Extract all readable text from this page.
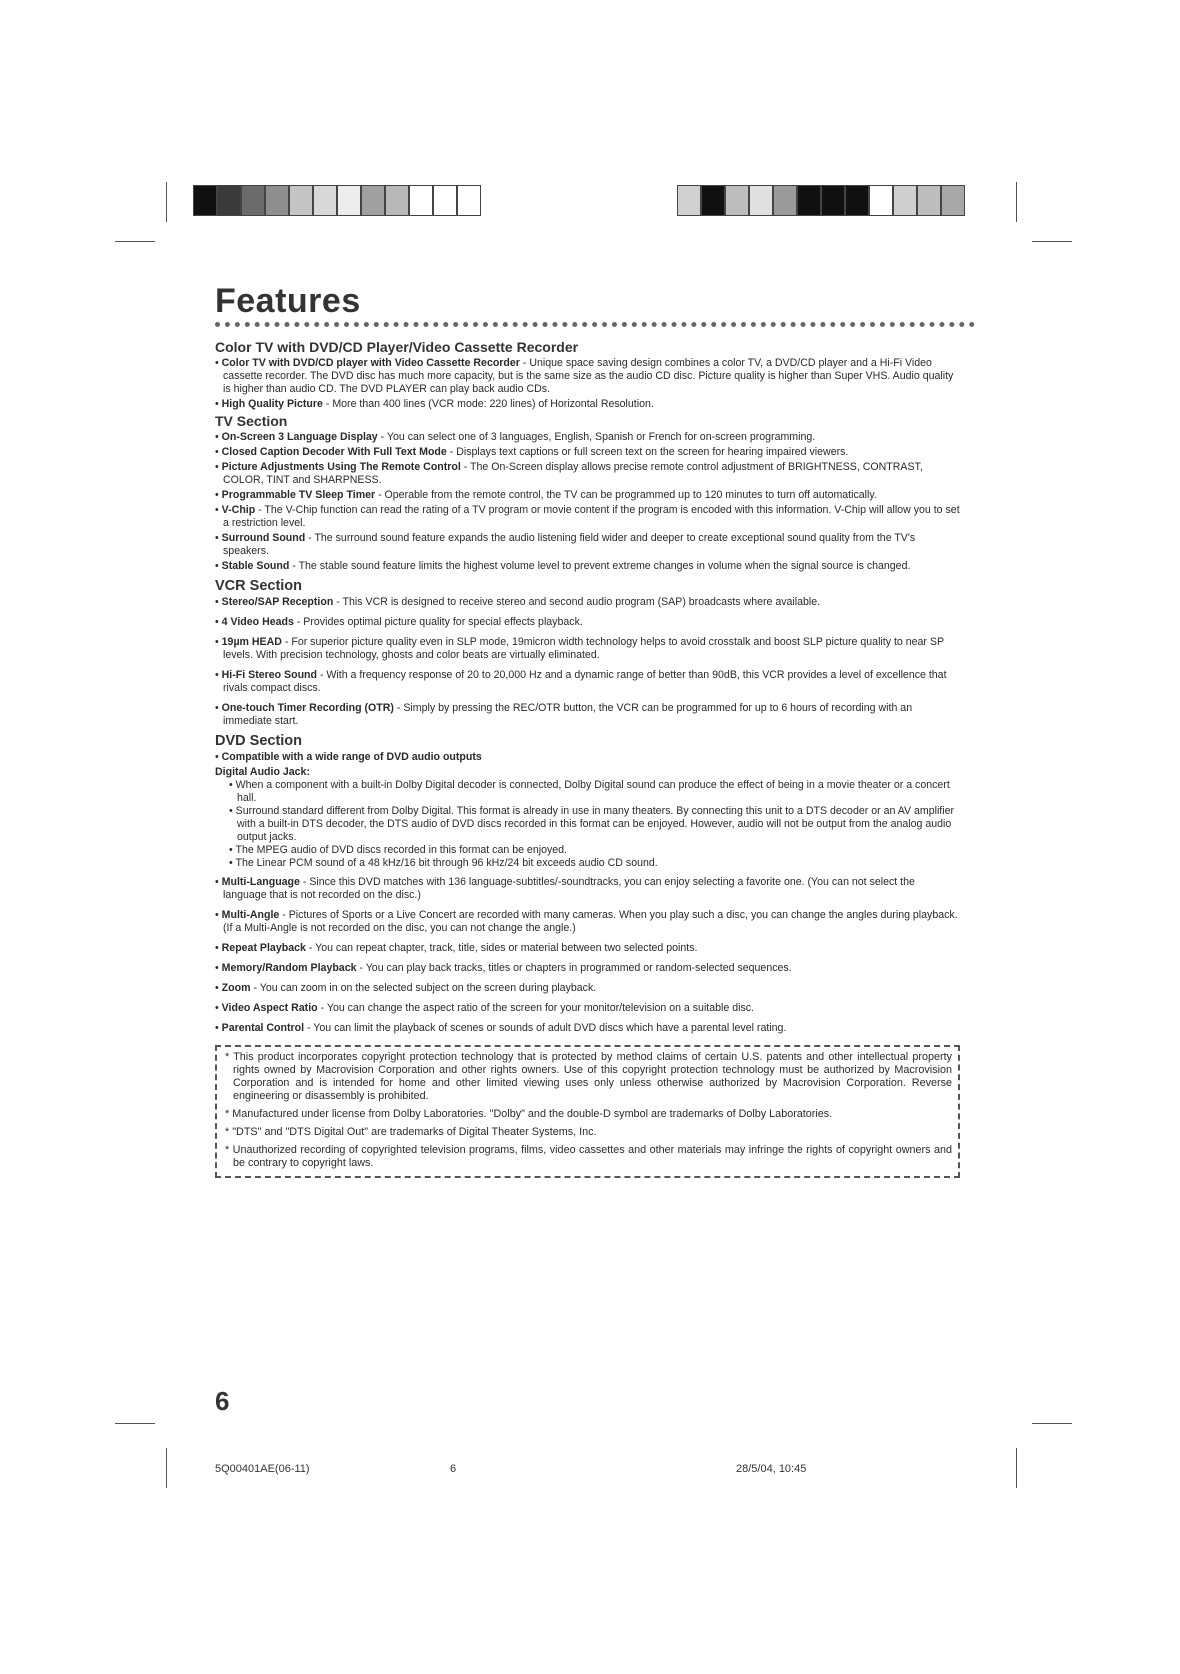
Features
Color TV with DVD/CD Player/Video Cassette Recorder
• Color TV with DVD/CD player with Video Cassette Recorder - Unique space saving design combines a color TV, a DVD/CD player and a Hi-Fi Video cassette recorder. The DVD disc has much more capacity, but is the same size as the audio CD disc. Picture quality is higher than Super VHS. Audio quality is higher than audio CD. The DVD PLAYER can play back audio CDs.
• High Quality Picture - More than 400 lines (VCR mode: 220 lines) of Horizontal Resolution.
TV Section
• On-Screen 3 Language Display - You can select one of 3 languages, English, Spanish or French for on-screen programming.
• Closed Caption Decoder With Full Text Mode - Displays text captions or full screen text on the screen for hearing impaired viewers.
• Picture Adjustments Using The Remote Control - The On-Screen display allows precise remote control adjustment of BRIGHTNESS, CONTRAST, COLOR, TINT and SHARPNESS.
• Programmable TV Sleep Timer - Operable from the remote control, the TV can be programmed up to 120 minutes to turn off automatically.
• V-Chip - The V-Chip function can read the rating of a TV program or movie content if the program is encoded with this information. V-Chip will allow you to set a restriction level.
• Surround Sound - The surround sound feature expands the audio listening field wider and deeper to create exceptional sound quality from the TV's speakers.
• Stable Sound - The stable sound feature limits the highest volume level to prevent extreme changes in volume when the signal source is changed.
VCR Section
• Stereo/SAP Reception - This VCR is designed to receive stereo and second audio program (SAP) broadcasts where available.
• 4 Video Heads - Provides optimal picture quality for special effects playback.
• 19µm HEAD - For superior picture quality even in SLP mode, 19micron width technology helps to avoid crosstalk and boost SLP picture quality to near SP levels. With precision technology, ghosts and color beats are virtually eliminated.
• Hi-Fi Stereo Sound - With a frequency response of 20 to 20,000 Hz and a dynamic range of better than 90dB, this VCR provides a level of excellence that rivals compact discs.
• One-touch Timer Recording (OTR) - Simply by pressing the REC/OTR button, the VCR can be programmed for up to 6 hours of recording with an immediate start.
DVD Section
• Compatible with a wide range of DVD audio outputs
Digital Audio Jack:
• When a component with a built-in Dolby Digital decoder is connected, Dolby Digital sound can produce the effect of being in a movie theater or a concert hall.
• Surround standard different from Dolby Digital. This format is already in use in many theaters. By connecting this unit to a DTS decoder or an AV amplifier with a built-in DTS decoder, the DTS audio of DVD discs recorded in this format can be enjoyed. However, audio will not be output from the analog audio output jacks.
• The MPEG audio of DVD discs recorded in this format can be enjoyed.
• The Linear PCM sound of a 48 kHz/16 bit through 96 kHz/24 bit exceeds audio CD sound.
• Multi-Language - Since this DVD matches with 136 language-subtitles/-soundtracks, you can enjoy selecting a favorite one. (You can not select the language that is not recorded on the disc.)
• Multi-Angle - Pictures of Sports or a Live Concert are recorded with many cameras. When you play such a disc, you can change the angles during playback. (If a Multi-Angle is not recorded on the disc, you can not change the angle.)
• Repeat Playback - You can repeat chapter, track, title, sides or material between two selected points.
• Memory/Random Playback - You can play back tracks, titles or chapters in programmed or random-selected sequences.
• Zoom - You can zoom in on the selected subject on the screen during playback.
• Video Aspect Ratio - You can change the aspect ratio of the screen for your monitor/television on a suitable disc.
• Parental Control - You can limit the playback of scenes or sounds of adult DVD discs which have a parental level rating.
* This product incorporates copyright protection technology that is protected by method claims of certain U.S. patents and other intellectual property rights owned by Macrovision Corporation and other rights owners. Use of this copyright protection technology must be authorized by Macrovision Corporation and is intended for home and other limited viewing uses only unless otherwise authorized by Macrovision Corporation. Reverse engineering or disassembly is prohibited.
* Manufactured under license from Dolby Laboratories. "Dolby" and the double-D symbol are trademarks of Dolby Laboratories.
* "DTS" and "DTS Digital Out" are trademarks of Digital Theater Systems, Inc.
* Unauthorized recording of copyrighted television programs, films, video cassettes and other materials may infringe the rights of copyright owners and be contrary to copyright laws.
6
5Q00401AE(06-11)	6	28/5/04, 10:45
